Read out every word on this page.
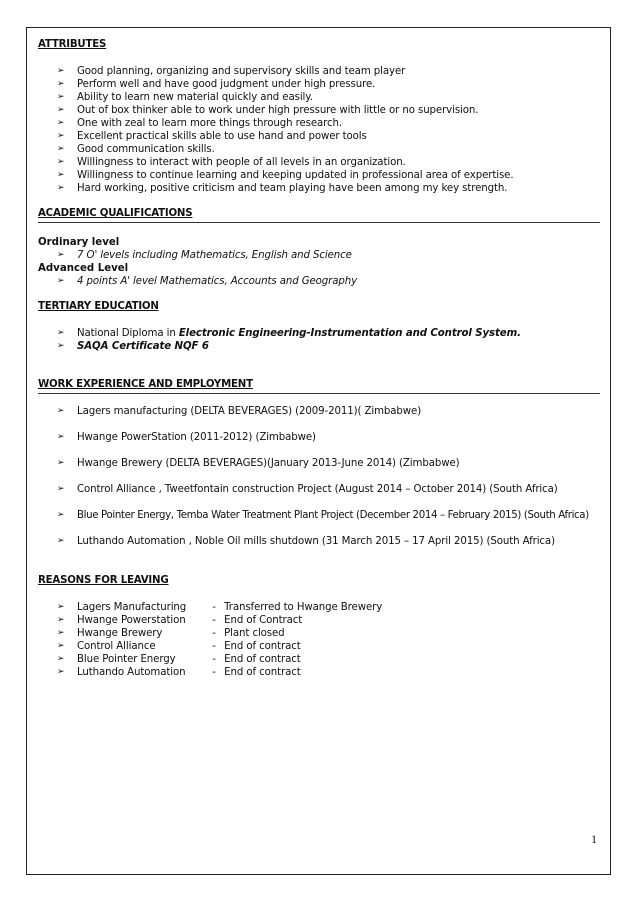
ATTRIBUTES
➢ Good planning, organizing and supervisory skills and team player
➢ Perform well and have good judgment under high pressure.
➢ Ability to learn new material quickly and easily.
➢ Out of box thinker able to work under high pressure with little or no supervision.
➢ One with zeal to learn more things through research.
➢ Excellent practical skills able to use hand and power tools
➢ Good communication skills.
➢ Willingness to interact with people of all levels in an organization.
➢ Willingness to continue learning and keeping updated in professional area of expertise.
➢ Hard working, positive criticism and team playing have been among my key strength.
ACADEMIC QUALIFICATIONS
Ordinary level
➢ 7 O' levels including Mathematics, English and Science
Advanced Level
➢ 4 points A' level Mathematics, Accounts and Geography
TERTIARY EDUCATION
➢ National Diploma in Electronic Engineering-Instrumentation and Control System.
➢ SAQA Certificate NQF 6
WORK EXPERIENCE AND EMPLOYMENT
➢ Lagers manufacturing (DELTA BEVERAGES) (2009-2011)( Zimbabwe)
➢ Hwange PowerStation (2011-2012) (Zimbabwe)
➢ Hwange Brewery (DELTA BEVERAGES)(January 2013-June 2014) (Zimbabwe)
➢ Control Alliance , Tweetfontain construction Project (August 2014 – October 2014) (South Africa)
➢ Blue Pointer Energy, Temba Water Treatment Plant Project (December 2014 – February 2015) (South Africa)
➢ Luthando Automation , Noble Oil mills shutdown (31 March 2015 – 17 April 2015) (South Africa)
REASONS FOR LEAVING
➢ Lagers Manufacturing	- Transferred to Hwange Brewery
➢ Hwange Powerstation	- End of Contract
➢ Hwange Brewery	- Plant closed
➢ Control Alliance	- End of contract
➢ Blue Pointer Energy	- End of contract
➢ Luthando Automation	- End of contract
1
